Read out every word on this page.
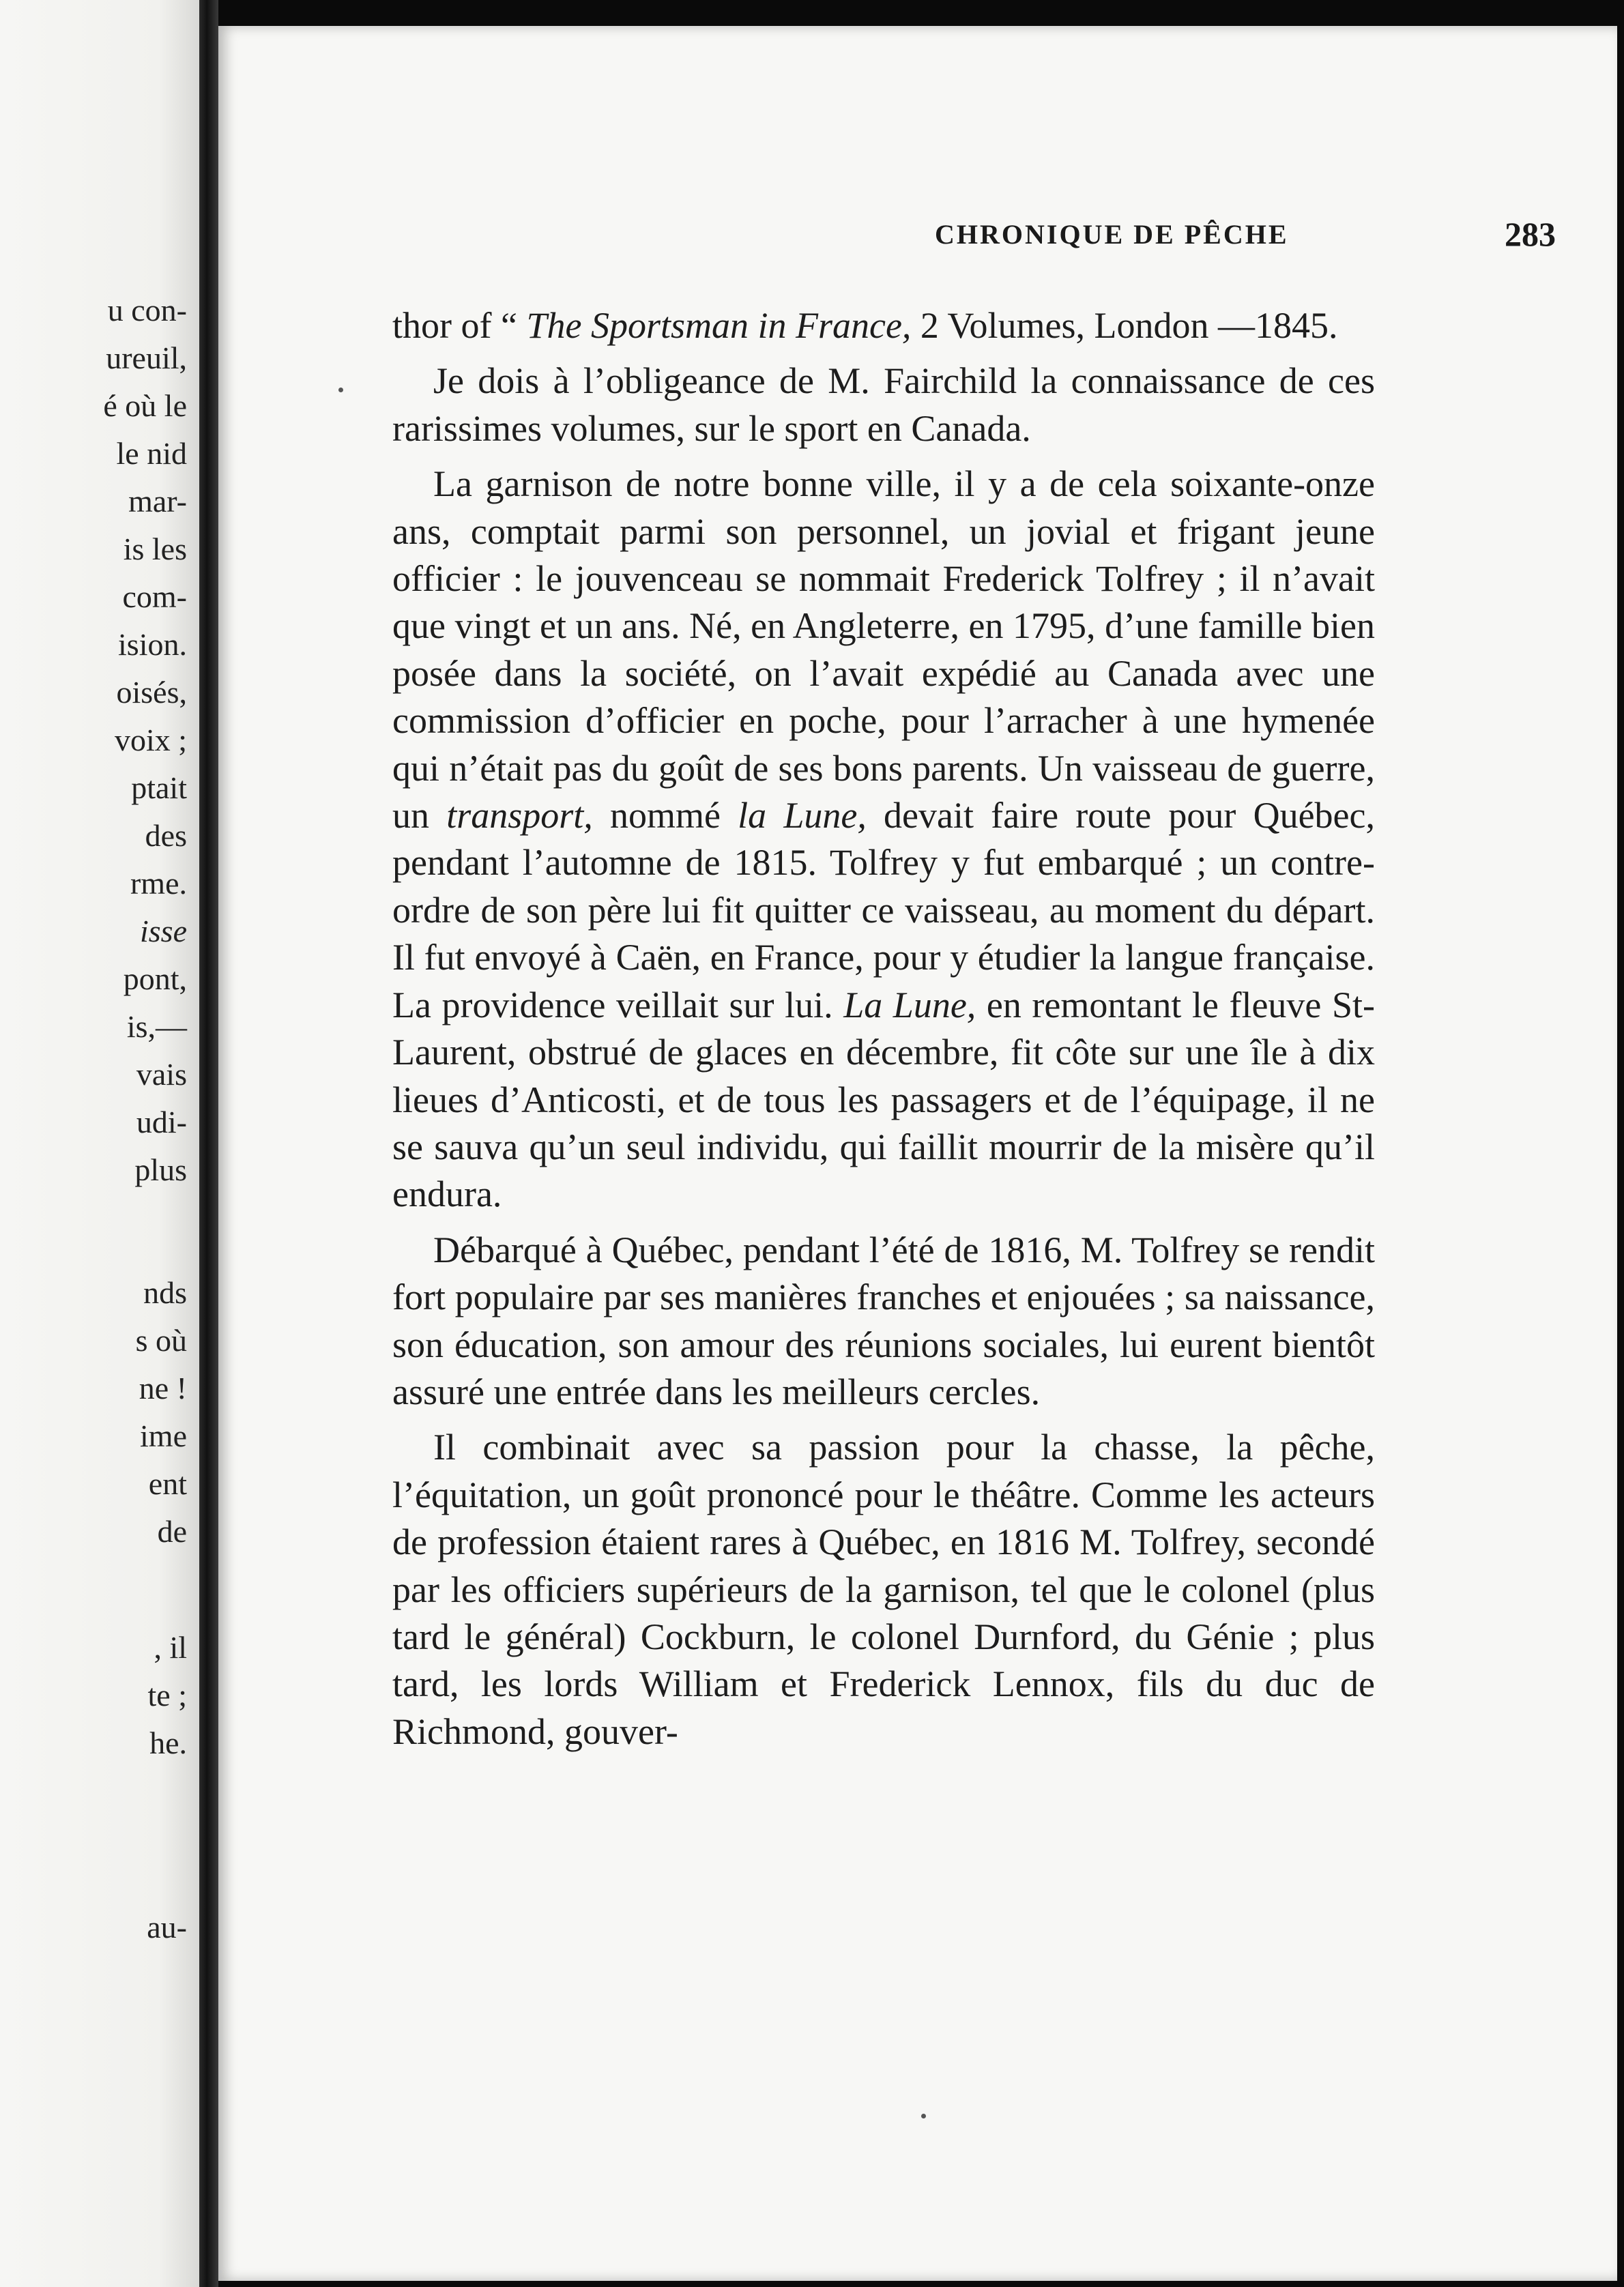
u con-
ureuil,
é où le
le nid
mar-
is les
com-
ision.
oisés,
voix ;
ptait
des
rme.
isse
pont,
is,—
vais
udi-
plus
nds
s où
ne !
ime
ent
de
, il
te ;
he.
au-
CHRONIQUE DE PÊCHE	283

thor of “ The Sportsman in France, 2 Volumes, London —1845.

Je dois à l’obligeance de M. Fairchild la connaissance de ces rarissimes volumes, sur le sport en Canada.

La garnison de notre bonne ville, il y a de cela soixante-onze ans, comptait parmi son personnel, un jovial et frigant jeune officier : le jouvenceau se nommait Frederick Tolfrey ; il n’avait que vingt et un ans. Né, en Angleterre, en 1795, d’une famille bien posée dans la société, on l’avait expédié au Canada avec une commission d’officier en poche, pour l’arracher à une hymenée qui n’était pas du goût de ses bons parents. Un vaisseau de guerre, un transport, nommé la Lune, devait faire route pour Québec, pendant l’automne de 1815. Tolfrey y fut embarqué ; un contre-ordre de son père lui fit quitter ce vaisseau, au moment du départ. Il fut envoyé à Caën, en France, pour y étudier la langue française. La providence veillait sur lui. La Lune, en remontant le fleuve St-Laurent, obstrué de glaces en décembre, fit côte sur une île à dix lieues d’Anticosti, et de tous les passagers et de l’équipage, il ne se sauva qu’un seul individu, qui faillit mourrir de la misère qu’il endura.

Débarqué à Québec, pendant l’été de 1816, M. Tolfrey se rendit fort populaire par ses manières franches et enjouées ; sa naissance, son éducation, son amour des réunions sociales, lui eurent bientôt assuré une entrée dans les meilleurs cercles.

Il combinait avec sa passion pour la chasse, la pêche, l’équitation, un goût prononcé pour le théâtre. Comme les acteurs de profession étaient rares à Québec, en 1816 M. Tolfrey, secondé par les officiers supérieurs de la garnison, tel que le colonel (plus tard le général) Cockburn, le colonel Durnford, du Génie ; plus tard, les lords William et Frederick Lennox, fils du duc de Richmond, gouver-
